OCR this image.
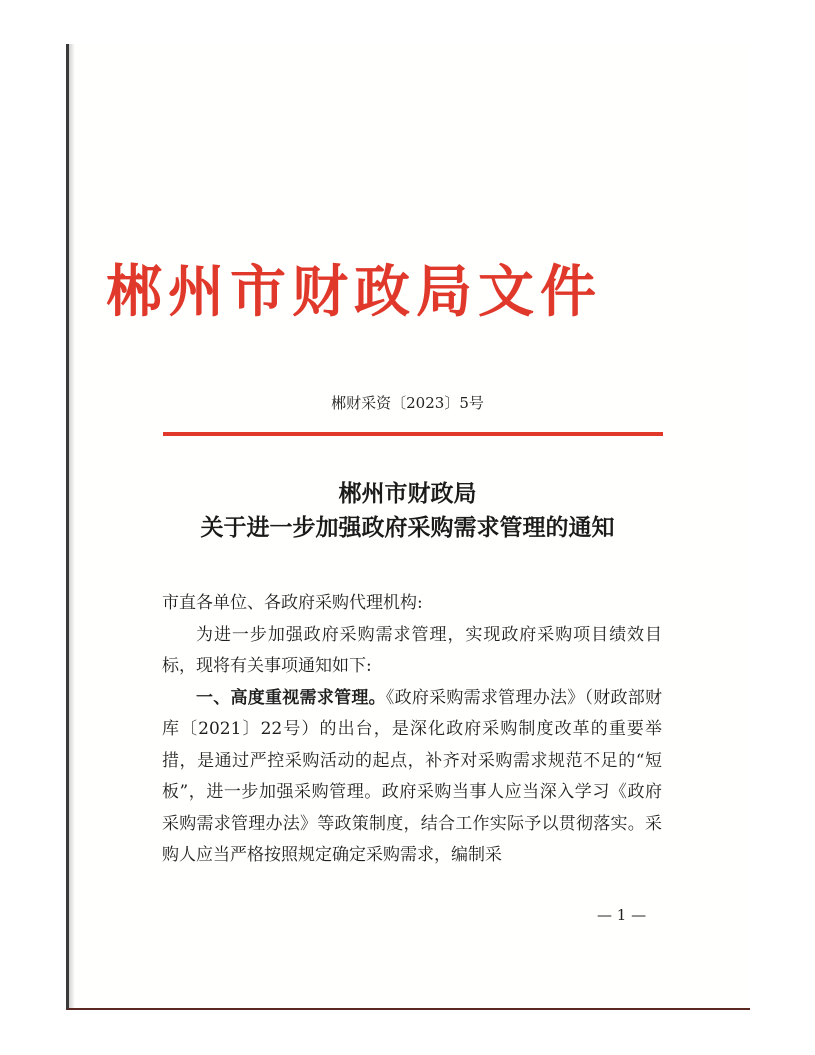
郴州市财政局文件
郴财采资〔2023〕5号
郴州市财政局
关于进一步加强政府采购需求管理的通知

市直各单位、各政府采购代理机构:

为进一步加强政府采购需求管理，实现政府采购项目绩效目标，现将有关事项通知如下:

一、高度重视需求管理。《政府采购需求管理办法》（财政部财库〔2021〕22号）的出台，是深化政府采购制度改革的重要举措，是通过严控采购活动的起点，补齐对采购需求规范不足的“短板”，进一步加强采购管理。政府采购当事人应当深入学习《政府采购需求管理办法》等政策制度，结合工作实际予以贯彻落实。采购人应当严格按照规定确定采购需求，编制采

— 1 —
